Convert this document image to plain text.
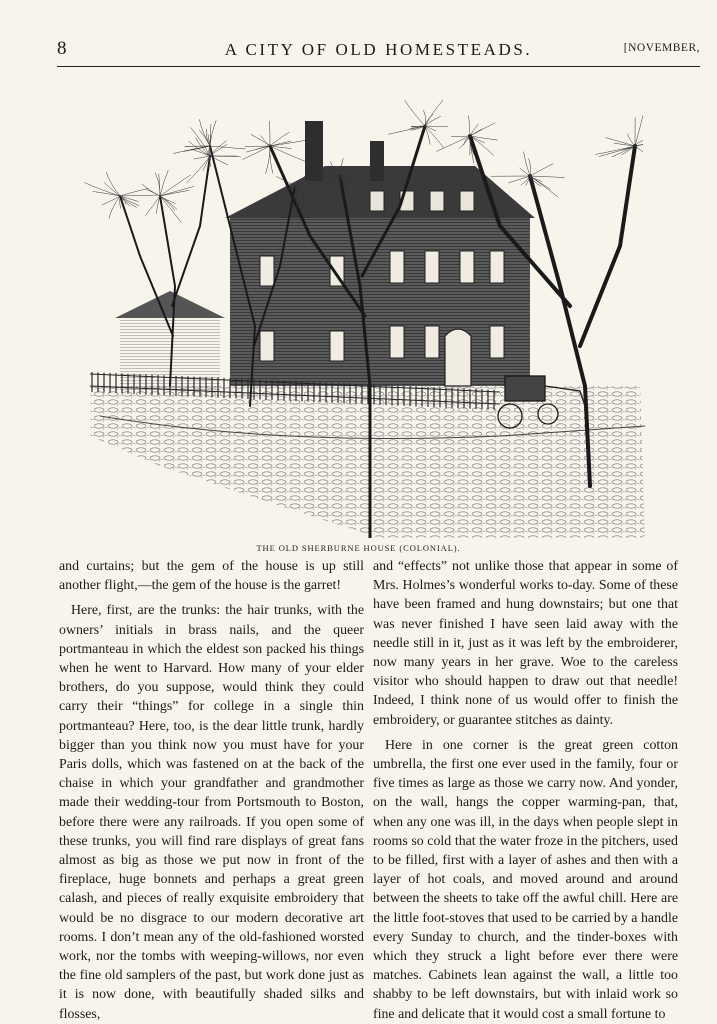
8	A CITY OF OLD HOMESTEADS.	[NOVEMBER,
THE OLD SHERBURNE HOUSE (COLONIAL).

and curtains; but the gem of the house is up still another flight,—the gem of the house is the garret!

Here, first, are the trunks: the hair trunks, with the owners’ initials in brass nails, and the queer portmanteau in which the eldest son packed his things when he went to Harvard. How many of your elder brothers, do you suppose, would think they could carry their “things” for college in a single thin portmanteau? Here, too, is the dear little trunk, hardly bigger than you think now you must have for your Paris dolls, which was fastened on at the back of the chaise in which your grandfather and grandmother made their wedding-tour from Portsmouth to Boston, before there were any railroads. If you open some of these trunks, you will find rare displays of great fans almost as big as those we put now in front of the fireplace, huge bonnets and perhaps a great green calash, and pieces of really exquisite embroidery that would be no disgrace to our modern decorative art rooms. I don’t mean any of the old-fashioned worsted work, nor the tombs with weeping-willows, nor even the fine old samplers of the past, but work done just as it is now done, with beautifully shaded silks and flosses,

and “effects” not unlike those that appear in some of Mrs. Holmes’s wonderful works to-day. Some of these have been framed and hung downstairs; but one that was never finished I have seen laid away with the needle still in it, just as it was left by the embroiderer, now many years in her grave. Woe to the careless visitor who should happen to draw out that needle! Indeed, I think none of us would offer to finish the embroidery, or guarantee stitches as dainty.

Here in one corner is the great green cotton umbrella, the first one ever used in the family, four or five times as large as those we carry now. And yonder, on the wall, hangs the copper warming-pan, that, when any one was ill, in the days when people slept in rooms so cold that the water froze in the pitchers, used to be filled, first with a layer of ashes and then with a layer of hot coals, and moved around and around between the sheets to take off the awful chill. Here are the little foot-stoves that used to be carried by a handle every Sunday to church, and the tinder-boxes with which they struck a light before ever there were matches. Cabinets lean against the wall, a little too shabby to be left downstairs, but with inlaid work so fine and delicate that it would cost a small fortune to
